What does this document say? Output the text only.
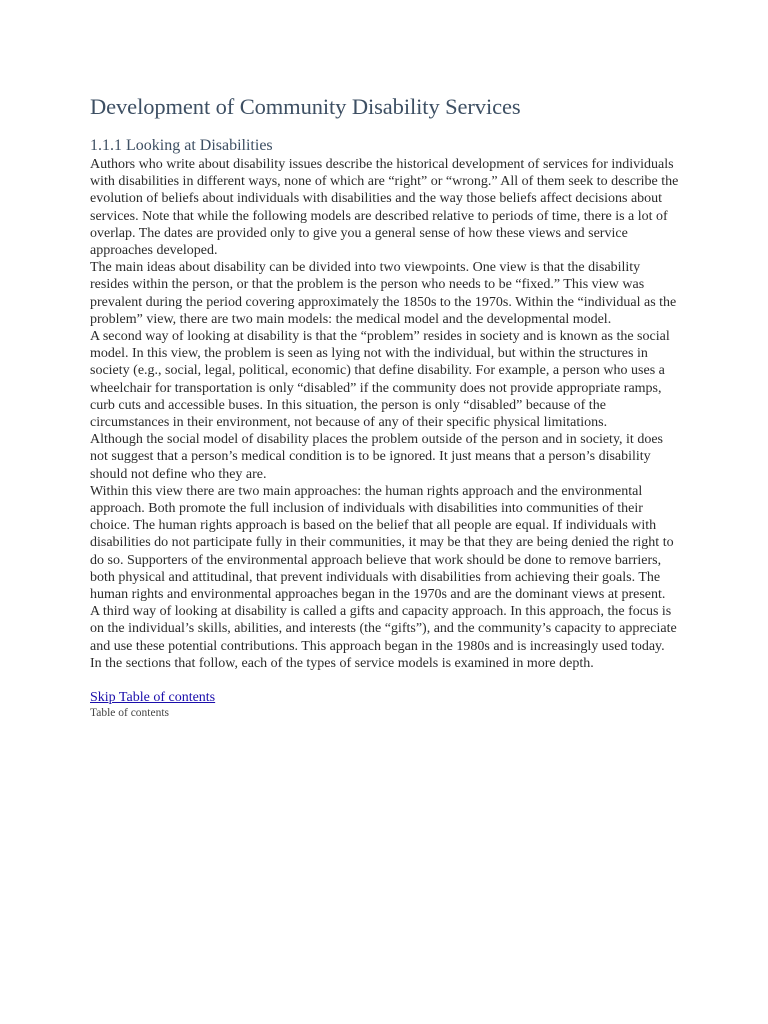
Development of Community Disability Services
1.1.1 Looking at Disabilities

Authors who write about disability issues describe the historical development of services for individuals with disabilities in different ways, none of which are “right” or “wrong.” All of them seek to describe the evolution of beliefs about individuals with disabilities and the way those beliefs affect decisions about services. Note that while the following models are described relative to periods of time, there is a lot of overlap. The dates are provided only to give you a general sense of how these views and service approaches developed.

The main ideas about disability can be divided into two viewpoints. One view is that the disability resides within the person, or that the problem is the person who needs to be “fixed.” This view was prevalent during the period covering approximately the 1850s to the 1970s. Within the “individual as the problem” view, there are two main models: the medical model and the developmental model.

A second way of looking at disability is that the “problem” resides in society and is known as the social model. In this view, the problem is seen as lying not with the individual, but within the structures in society (e.g., social, legal, political, economic) that define disability. For example, a person who uses a wheelchair for transportation is only “disabled” if the community does not provide appropriate ramps, curb cuts and accessible buses. In this situation, the person is only “disabled” because of the circumstances in their environment, not because of any of their specific physical limitations.

Although the social model of disability places the problem outside of the person and in society, it does not suggest that a person’s medical condition is to be ignored. It just means that a person’s disability should not define who they are.

Within this view there are two main approaches: the human rights approach and the environmental approach. Both promote the full inclusion of individuals with disabilities into communities of their choice. The human rights approach is based on the belief that all people are equal. If individuals with disabilities do not participate fully in their communities, it may be that they are being denied the right to do so. Supporters of the environmental approach believe that work should be done to remove barriers, both physical and attitudinal, that prevent individuals with disabilities from achieving their goals. The human rights and environmental approaches began in the 1970s and are the dominant views at present.

A third way of looking at disability is called a gifts and capacity approach. In this approach, the focus is on the individual’s skills, abilities, and interests (the “gifts”), and the community’s capacity to appreciate and use these potential contributions. This approach began in the 1980s and is increasingly used today.

In the sections that follow, each of the types of service models is examined in more depth.

Skip Table of contents
Table of contents
